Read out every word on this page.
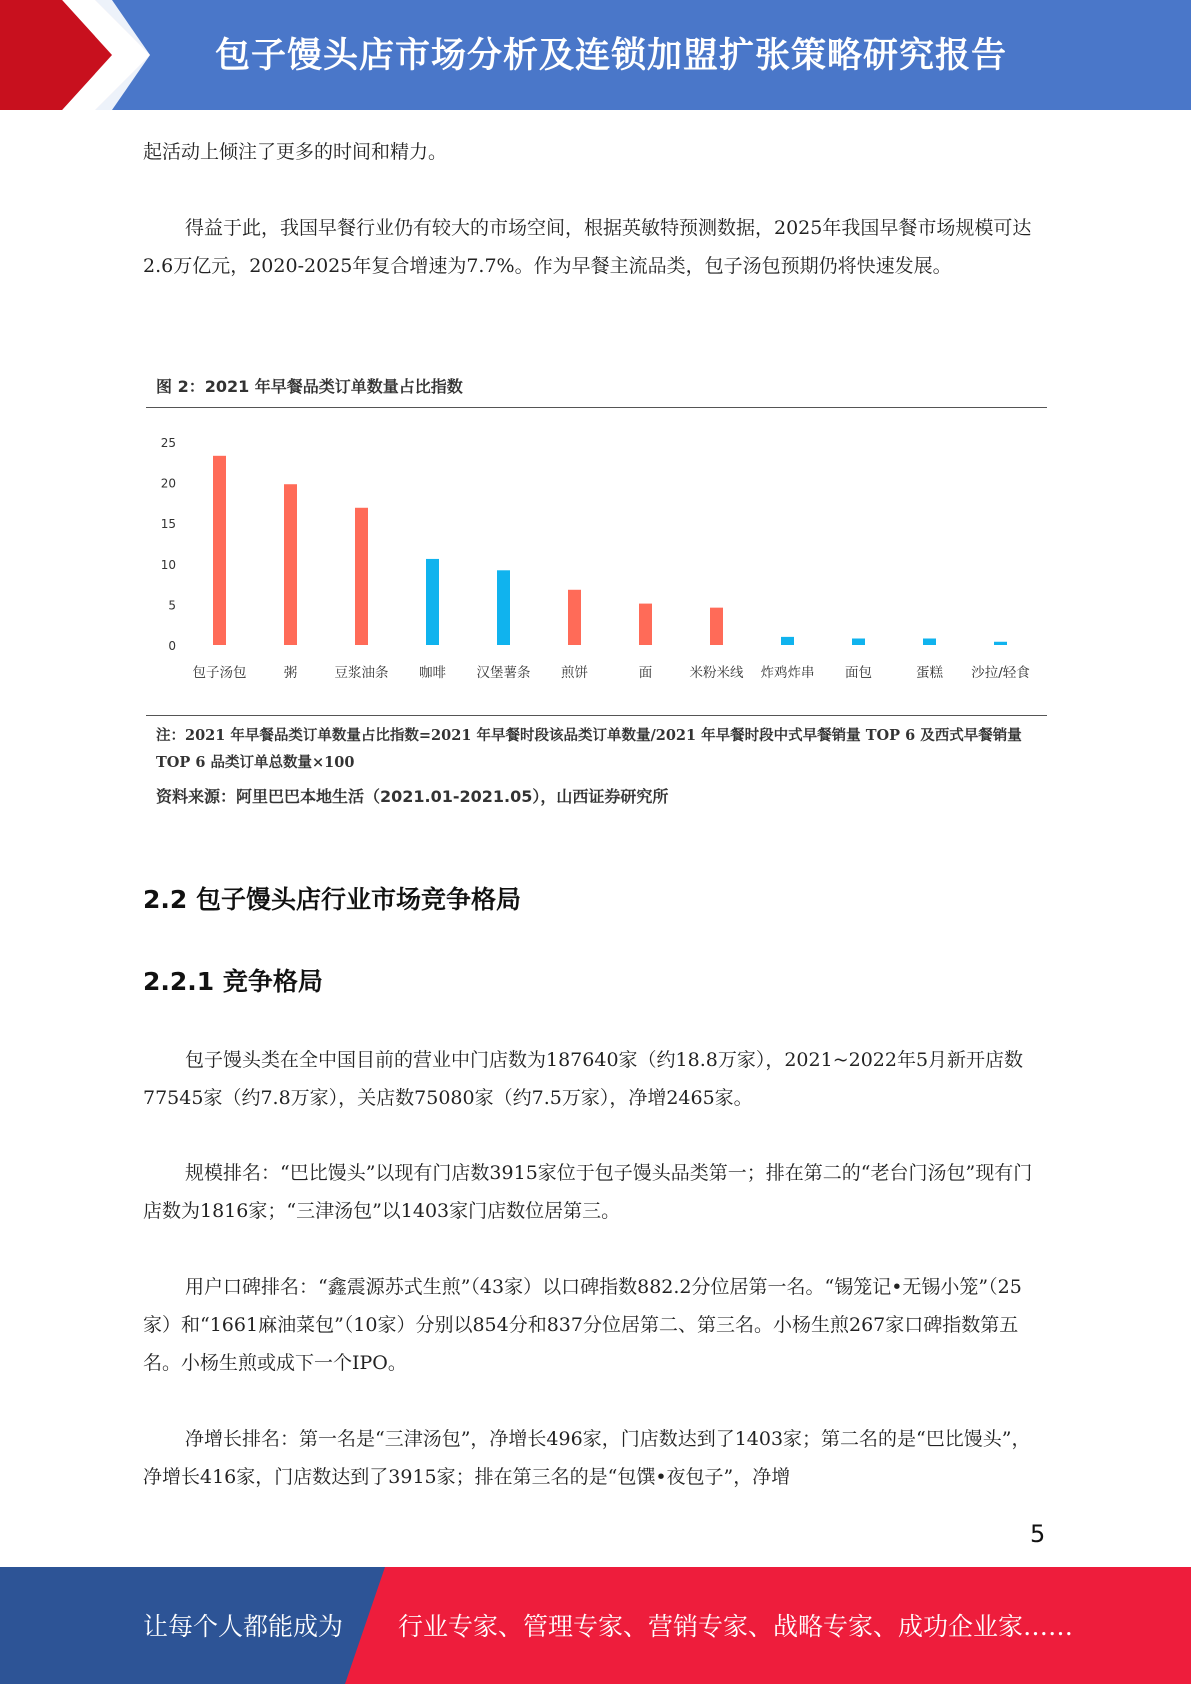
包子馒头店市场分析及连锁加盟扩张策略研究报告

起活动上倾注了更多的时间和精力。

得益于此，我国早餐行业仍有较大的市场空间，根据英敏特预测数据，2025年我国早餐市场规模可达2.6万亿元，2020-2025年复合增速为7.7%。作为早餐主流品类，包子汤包预期仍将快速发展。

图 2：2021 年早餐品类订单数量占比指数
0
5
10
15
20
25
包子汤包	粥	豆浆油条 咖啡 汉堡薯条 煎饼	面	米粉米线 炸鸡炸串 面包	蛋糕 沙拉/轻食

注：2021 年早餐品类订单数量占比指数=2021 年早餐时段该品类订单数量/2021 年早餐时段中式早餐销量 TOP 6 及西式早餐销量 TOP 6 品类订单总数量×100

资料来源：阿里巴巴本地生活（2021.01-2021.05），山西证券研究所
2.2 包子馒头店行业市场竞争格局
2.2.1 竞争格局

包子馒头类在全中国目前的营业中门店数为187640家（约18.8万家），2021~2022年5月新开店数77545家（约7.8万家），关店数75080家（约7.5万家），净增2465家。

规模排名：“巴比馒头”以现有门店数3915家位于包子馒头品类第一；排在第二的“老台门汤包”现有门店数为1816家；“三津汤包”以1403家门店数位居第三。

用户口碑排名：“鑫震源苏式生煎”（43家）以口碑指数882.2分位居第一名。“锡笼记•无锡小笼”（25家）和“1661麻油菜包”（10家）分别以854分和837分位居第二、第三名。小杨生煎267家口碑指数第五名。小杨生煎或成下一个IPO。

净增长排名：第一名是“三津汤包”，净增长496家，门店数达到了1403家；第二名的是“巴比馒头”，净增长416家，门店数达到了3915家；排在第三名的是“包馔•夜包子”，净增

5
让每个人都能成为 行业专家、管理专家、营销专家、战略专家、成功企业家……
